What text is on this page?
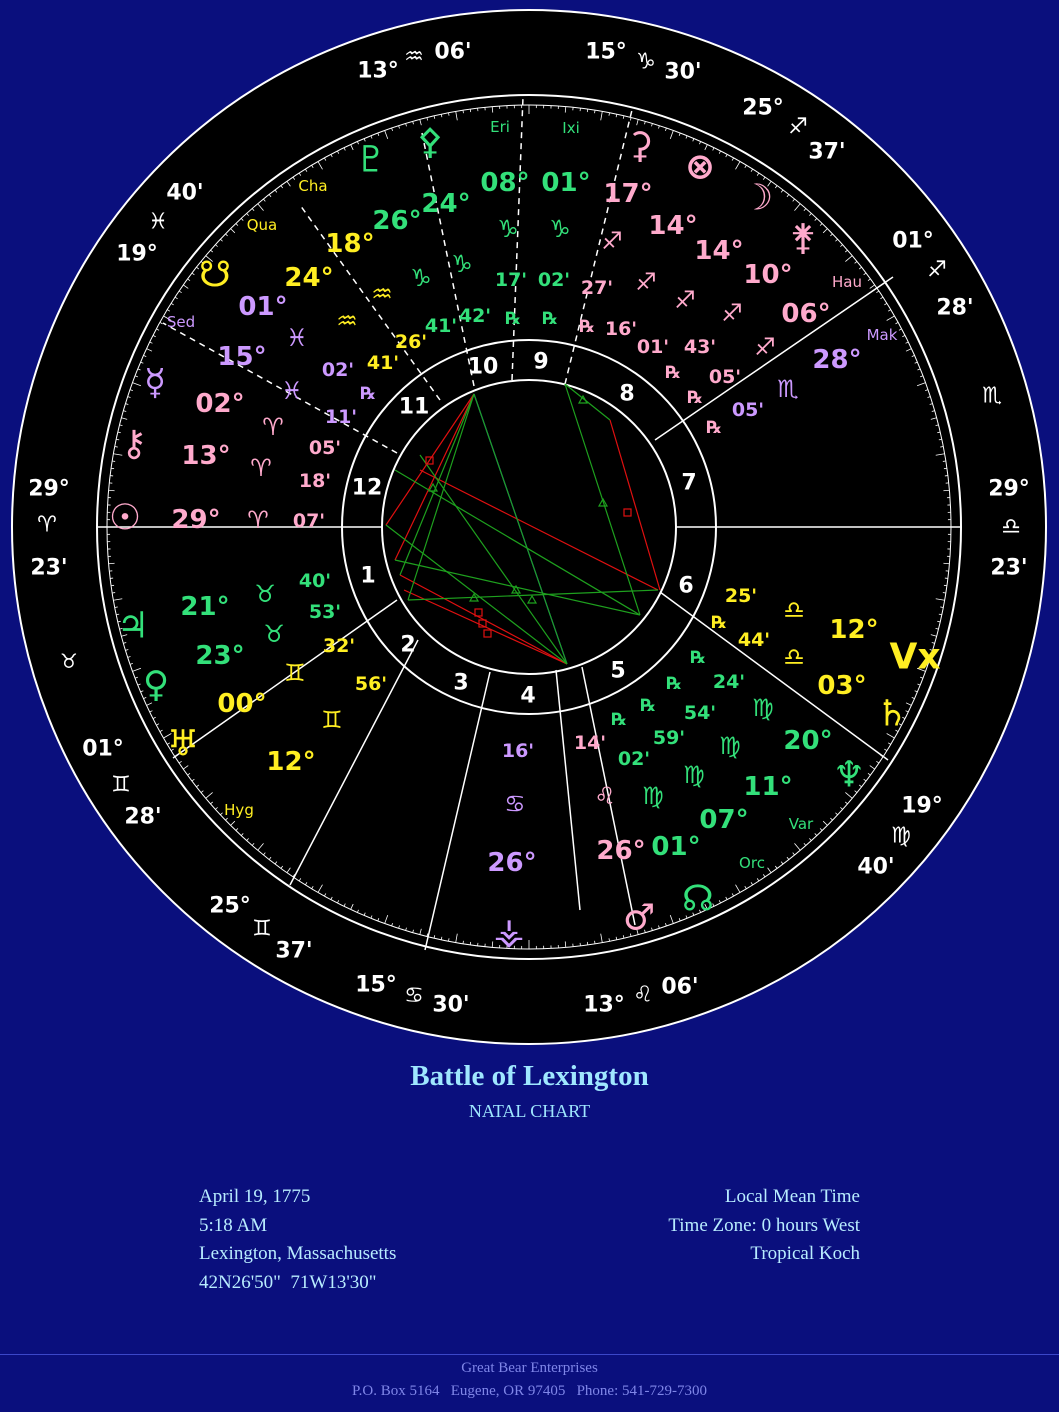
10 9
8
7
6
5
4
3
2
1
12
11
13°
♒ 06'	15° ♑ 30'
25°
♐
37'
01°
♐
28'
29°
♎
23'
19°
♍
40'
13° ♌ 06'
15° ♋ 30'
25°
♊
37'
01°
♊
28'
29°
♈
23'
19°
♓
40'
♏
♉
Eri	Ixi
Cha
Qua
Sed
Hau
Mak
Hyg
Var
Orc
♇
26°
♑
41'
⚴
24°
♑
42'
08°
♑
17'
℞
01°
♑
02'
℞
⚳
17°
♐
27'
℞
⊗
14°
♐
16'
☽
14°
♐
01'
℞
⚵
10°
♐
43'
℞
06°
♐
05'
℞
28°
♏
05'
☋
18°
♒
26'
24°
♒
41'
01°
♓
02'
℞
☿
15°
♓
11'
⚷
02°
♈
05'
13° ♈ 18'
☉ 29° ♈ 07'
♃ 21° ♉ 40'
♀
23°
♉
53'
♅
00°
♊
32'
12°
♊
56'
⚶
26°
♋
16'
♂
26°
♌
14'
☊
01°
♍
02'
℞
07°
♍
59'
℞
11°
♍
54'
℞
♆
20°
♍
24'
℞
♄
03°
♎
44'
℞
Vx
12°
♎
25'
Battle of Lexington
NATAL CHART
April 19, 1775
5:18 AM
Lexington, Massachusetts
42N26'50"  71W13'30"
Local Mean Time
Time Zone: 0 hours West
Tropical Koch
Great Bear Enterprises
P.O. Box 5164   Eugene, OR 97405   Phone: 541-729-7300
